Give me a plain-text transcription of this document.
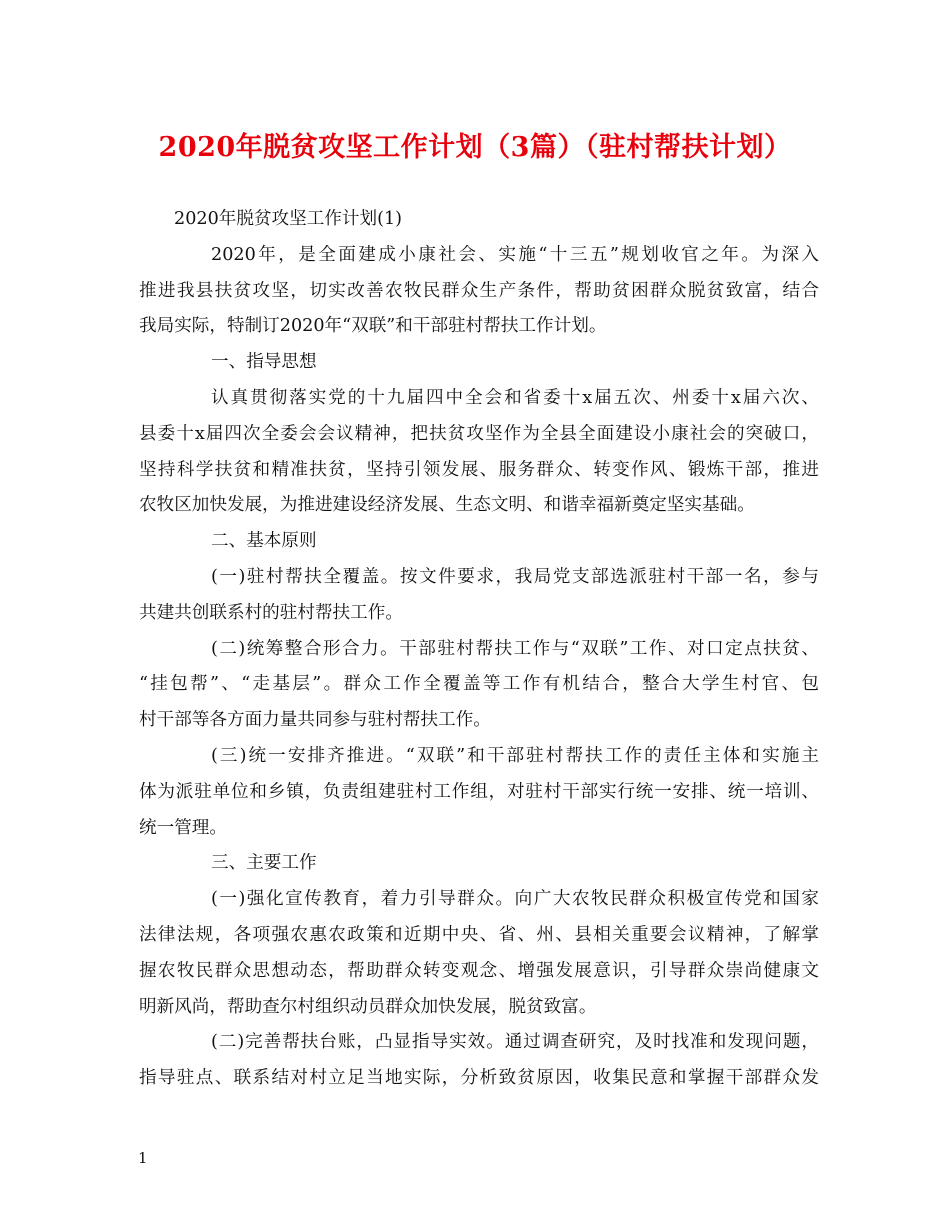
2020年脱贫攻坚工作计划（3篇）（驻村帮扶计划）
2020年脱贫攻坚工作计划(1)
2020年，是全面建成小康社会、实施“十三五”规划收官之年。为深入
推进我县扶贫攻坚，切实改善农牧民群众生产条件，帮助贫困群众脱贫致富，结合
我局实际，特制订2020年“双联”和干部驻村帮扶工作计划。
一、指导思想
认真贯彻落实党的十九届四中全会和省委十x届五次、州委十x届六次、
县委十x届四次全委会会议精神，把扶贫攻坚作为全县全面建设小康社会的突破口，
坚持科学扶贫和精准扶贫，坚持引领发展、服务群众、转变作风、锻炼干部，推进
农牧区加快发展，为推进建设经济发展、生态文明、和谐幸福新奠定坚实基础。
二、基本原则
(一)驻村帮扶全覆盖。按文件要求，我局党支部选派驻村干部一名，参与
共建共创联系村的驻村帮扶工作。
(二)统筹整合形合力。干部驻村帮扶工作与“双联”工作、对口定点扶贫、
“挂包帮”、“走基层”。群众工作全覆盖等工作有机结合，整合大学生村官、包
村干部等各方面力量共同参与驻村帮扶工作。
(三)统一安排齐推进。“双联”和干部驻村帮扶工作的责任主体和实施主
体为派驻单位和乡镇，负责组建驻村工作组，对驻村干部实行统一安排、统一培训、
统一管理。
三、主要工作
(一)强化宣传教育，着力引导群众。向广大农牧民群众积极宣传党和国家
法律法规，各项强农惠农政策和近期中央、省、州、县相关重要会议精神，了解掌
握农牧民群众思想动态，帮助群众转变观念、增强发展意识，引导群众崇尚健康文
明新风尚，帮助查尔村组织动员群众加快发展，脱贫致富。
(二)完善帮扶台账，凸显指导实效。通过调查研究，及时找准和发现问题，
指导驻点、联系结对村立足当地实际，分析致贫原因，收集民意和掌握干部群众发
1
